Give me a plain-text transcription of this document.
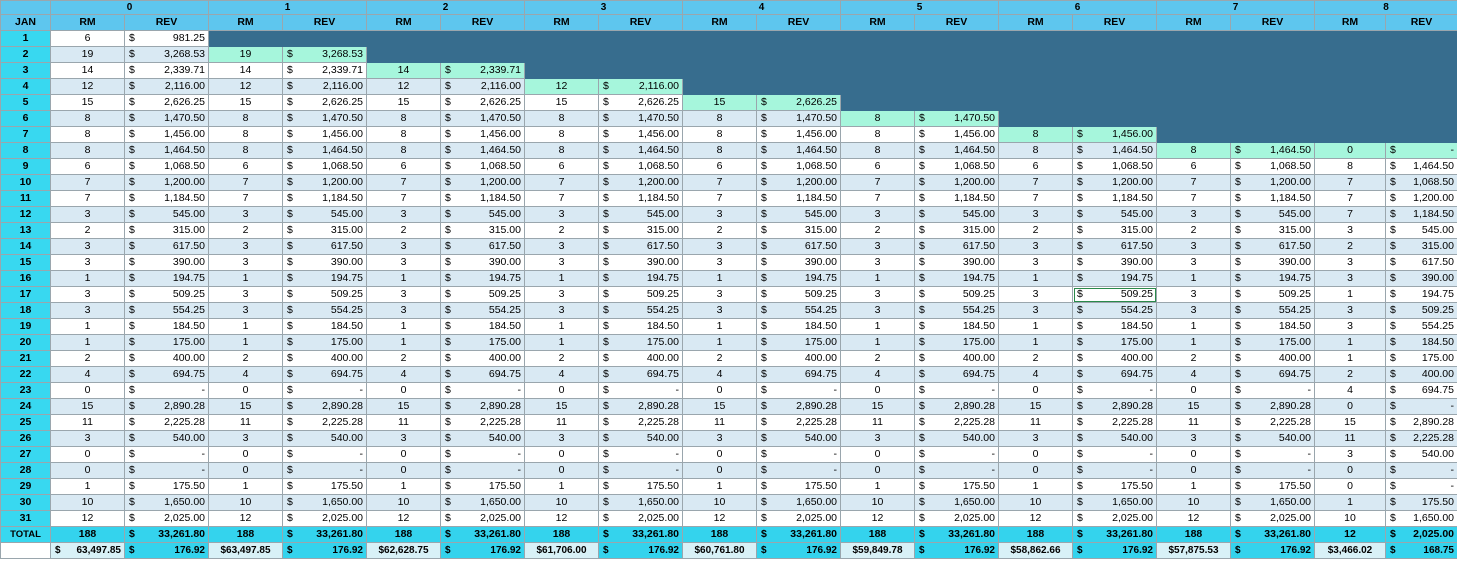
	0		1		2		3		4		5		6		7		8	
JAN	RM	REV	RM	REV	RM	REV	RM	REV	RM	REV	RM	REV	RM	REV	RM	REV	RM	REV
1	6	$ 981.25																
2	19	$ 3,268.53	19	$ 3,268.53														
3	14	$ 2,339.71	14	$ 2,339.71	14	$ 2,339.71												
4	12	$ 2,116.00	12	$ 2,116.00	12	$ 2,116.00	12	$ 2,116.00										
5	15	$ 2,626.25	15	$ 2,626.25	15	$ 2,626.25	15	$ 2,626.25	15	$ 2,626.25								
6	8	$ 1,470.50	8	$ 1,470.50	8	$ 1,470.50	8	$ 1,470.50	8	$ 1,470.50	8	$ 1,470.50						
7	8	$ 1,456.00	8	$ 1,456.00	8	$ 1,456.00	8	$ 1,456.00	8	$ 1,456.00	8	$ 1,456.00	8	$ 1,456.00				
8	8	$ 1,464.50	8	$ 1,464.50	8	$ 1,464.50	8	$ 1,464.50	8	$ 1,464.50	8	$ 1,464.50	8	$ 1,464.50	8	$ 1,464.50	0	$ -
9	6	$ 1,068.50	6	$ 1,068.50	6	$ 1,068.50	6	$ 1,068.50	6	$ 1,068.50	6	$ 1,068.50	6	$ 1,068.50	6	$ 1,068.50	8	$ 1,464.50
10	7	$ 1,200.00	7	$ 1,200.00	7	$ 1,200.00	7	$ 1,200.00	7	$ 1,200.00	7	$ 1,200.00	7	$ 1,200.00	7	$ 1,200.00	7	$ 1,068.50
11	7	$ 1,184.50	7	$ 1,184.50	7	$ 1,184.50	7	$ 1,184.50	7	$ 1,184.50	7	$ 1,184.50	7	$ 1,184.50	7	$ 1,184.50	7	$ 1,200.00
12	3	$ 545.00	3	$ 545.00	3	$ 545.00	3	$ 545.00	3	$ 545.00	3	$ 545.00	3	$ 545.00	3	$ 545.00	7	$ 1,184.50
13	2	$ 315.00	2	$ 315.00	2	$ 315.00	2	$ 315.00	2	$ 315.00	2	$ 315.00	2	$ 315.00	2	$ 315.00	3	$ 545.00
14	3	$ 617.50	3	$ 617.50	3	$ 617.50	3	$ 617.50	3	$ 617.50	3	$ 617.50	3	$ 617.50	3	$ 617.50	2	$ 315.00
15	3	$ 390.00	3	$ 390.00	3	$ 390.00	3	$ 390.00	3	$ 390.00	3	$ 390.00	3	$ 390.00	3	$ 390.00	3	$ 617.50
16	1	$ 194.75	1	$ 194.75	1	$ 194.75	1	$ 194.75	1	$ 194.75	1	$ 194.75	1	$ 194.75	1	$ 194.75	3	$ 390.00
17	3	$ 509.25	3	$ 509.25	3	$ 509.25	3	$ 509.25	3	$ 509.25	3	$ 509.25	3	$ 509.25	3	$ 509.25	1	$ 194.75
18	3	$ 554.25	3	$ 554.25	3	$ 554.25	3	$ 554.25	3	$ 554.25	3	$ 554.25	3	$ 554.25	3	$ 554.25	3	$ 509.25
19	1	$ 184.50	1	$ 184.50	1	$ 184.50	1	$ 184.50	1	$ 184.50	1	$ 184.50	1	$ 184.50	1	$ 184.50	3	$ 554.25
20	1	$ 175.00	1	$ 175.00	1	$ 175.00	1	$ 175.00	1	$ 175.00	1	$ 175.00	1	$ 175.00	1	$ 175.00	1	$ 184.50
21	2	$ 400.00	2	$ 400.00	2	$ 400.00	2	$ 400.00	2	$ 400.00	2	$ 400.00	2	$ 400.00	2	$ 400.00	1	$ 175.00
22	4	$ 694.75	4	$ 694.75	4	$ 694.75	4	$ 694.75	4	$ 694.75	4	$ 694.75	4	$ 694.75	4	$ 694.75	2	$ 400.00
23	0	$ -	0	$ -	0	$ -	0	$ -	0	$ -	0	$ -	0	$ -	0	$ -	4	$ 694.75
24	15	$ 2,890.28	15	$ 2,890.28	15	$ 2,890.28	15	$ 2,890.28	15	$ 2,890.28	15	$ 2,890.28	15	$ 2,890.28	15	$ 2,890.28	0	$ -
25	11	$ 2,225.28	11	$ 2,225.28	11	$ 2,225.28	11	$ 2,225.28	11	$ 2,225.28	11	$ 2,225.28	11	$ 2,225.28	11	$ 2,225.28	15	$ 2,890.28
26	3	$ 540.00	3	$ 540.00	3	$ 540.00	3	$ 540.00	3	$ 540.00	3	$ 540.00	3	$ 540.00	3	$ 540.00	11	$ 2,225.28
27	0	$ -	0	$ -	0	$ -	0	$ -	0	$ -	0	$ -	0	$ -	0	$ -	3	$ 540.00
28	0	$ -	0	$ -	0	$ -	0	$ -	0	$ -	0	$ -	0	$ -	0	$ -	0	$ -
29	1	$ 175.50	1	$ 175.50	1	$ 175.50	1	$ 175.50	1	$ 175.50	1	$ 175.50	1	$ 175.50	1	$ 175.50	0	$ -
30	10	$ 1,650.00	10	$ 1,650.00	10	$ 1,650.00	10	$ 1,650.00	10	$ 1,650.00	10	$ 1,650.00	10	$ 1,650.00	10	$ 1,650.00	1	$ 175.50
31	12	$ 2,025.00	12	$ 2,025.00	12	$ 2,025.00	12	$ 2,025.00	12	$ 2,025.00	12	$ 2,025.00	12	$ 2,025.00	12	$ 2,025.00	10	$ 1,650.00
TOTAL	188	$ 33,261.80	188	$ 33,261.80	188	$ 33,261.80	188	$ 33,261.80	188	$ 33,261.80	188	$ 33,261.80	188	$ 33,261.80	188	$ 33,261.80	12	$ 2,025.00

	$ 63,497.85	$ 176.92	$63,497.85	$ 176.92	$62,628.75	$ 176.92	$61,706.00	$ 176.92	$60,761.80	$ 176.92	$59,849.78	$ 176.92	$58,862.66	$ 176.92	$57,875.53	$ 176.92	$3,466.02	$ 168.75
